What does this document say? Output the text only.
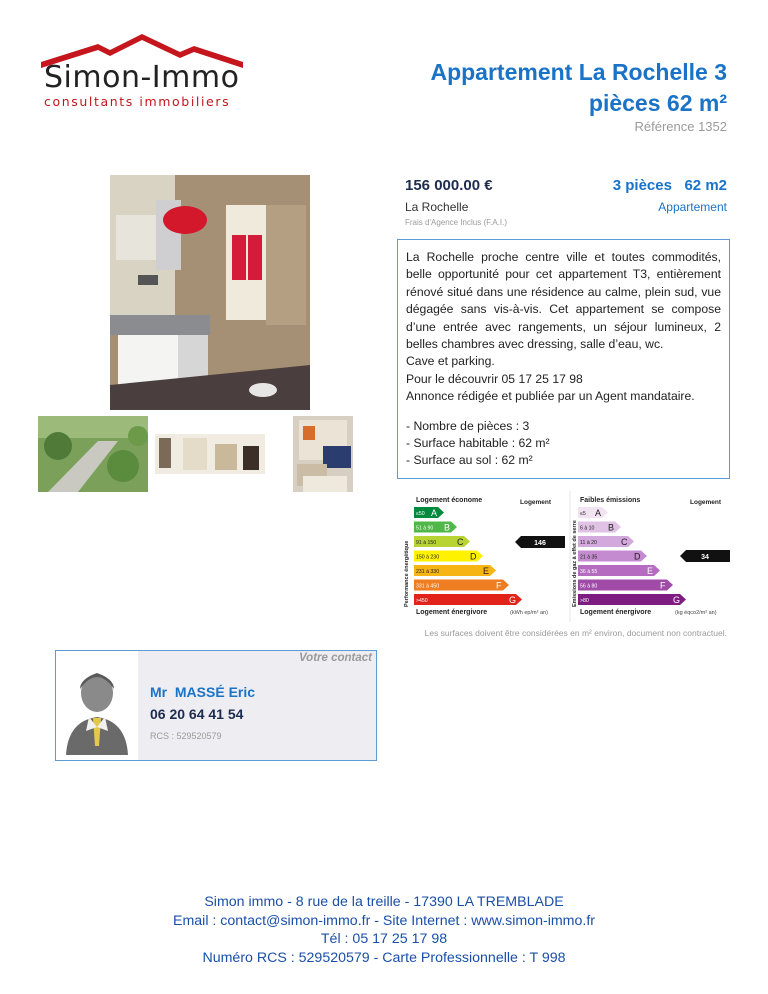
Simon-Immo
consultants immobiliers
Appartement La Rochelle 3 pièces 62 m²
Référence 1352
156 000.00 €	3 pièces   62 m2
La Rochelle	Appartement
Frais d'Agence Inclus (F.A.I.)

La Rochelle proche centre ville et toutes commodités, belle opportunité pour cet appartement T3, entièrement rénové situé dans une résidence au calme, plein sud, vue dégagée sans vis-à-vis. Cet appartement se compose d’une entrée avec rangements, un séjour lumineux, 2 belles chambres avec dressing, salle d’eau, wc.

Cave et parking.

Pour le découvrir 05 17 25 17 98

Annonce rédigée et publiée par un Agent mandataire.

- Nombre de pièces : 3
- Surface habitable : 62 m²
- Surface au sol : 62 m²

Logement économe	Logement
Logement énergivore	(kWh ep/m² an)
Performance énergétique
≤50 A
51 à 90 B
91 à 150 C
150 à 230	D
231 à 330	E
331 à 450	F
>450	G
146
Faibles émissions	Logement
Logement énergivore	(kg éqco2/m² an)
Emissions de gaz à effet de serre
≤5 A
6 à 10 B
11 à 20	C
21 à 35	D
36 à 55	E
56 à 80	F
>80	G
34
Les surfaces doivent être considérées en m² environ, document non contractuel.
Votre contact
Mr  MASSÉ Eric
06 20 64 41 54
RCS : 529520579
Simon immo - 8 rue de la treille - 17390 LA TREMBLADE
Email : contact@simon-immo.fr - Site Internet : www.simon-immo.fr
Tél : 05 17 25 17 98
Numéro RCS : 529520579 - Carte Professionnelle : T 998
